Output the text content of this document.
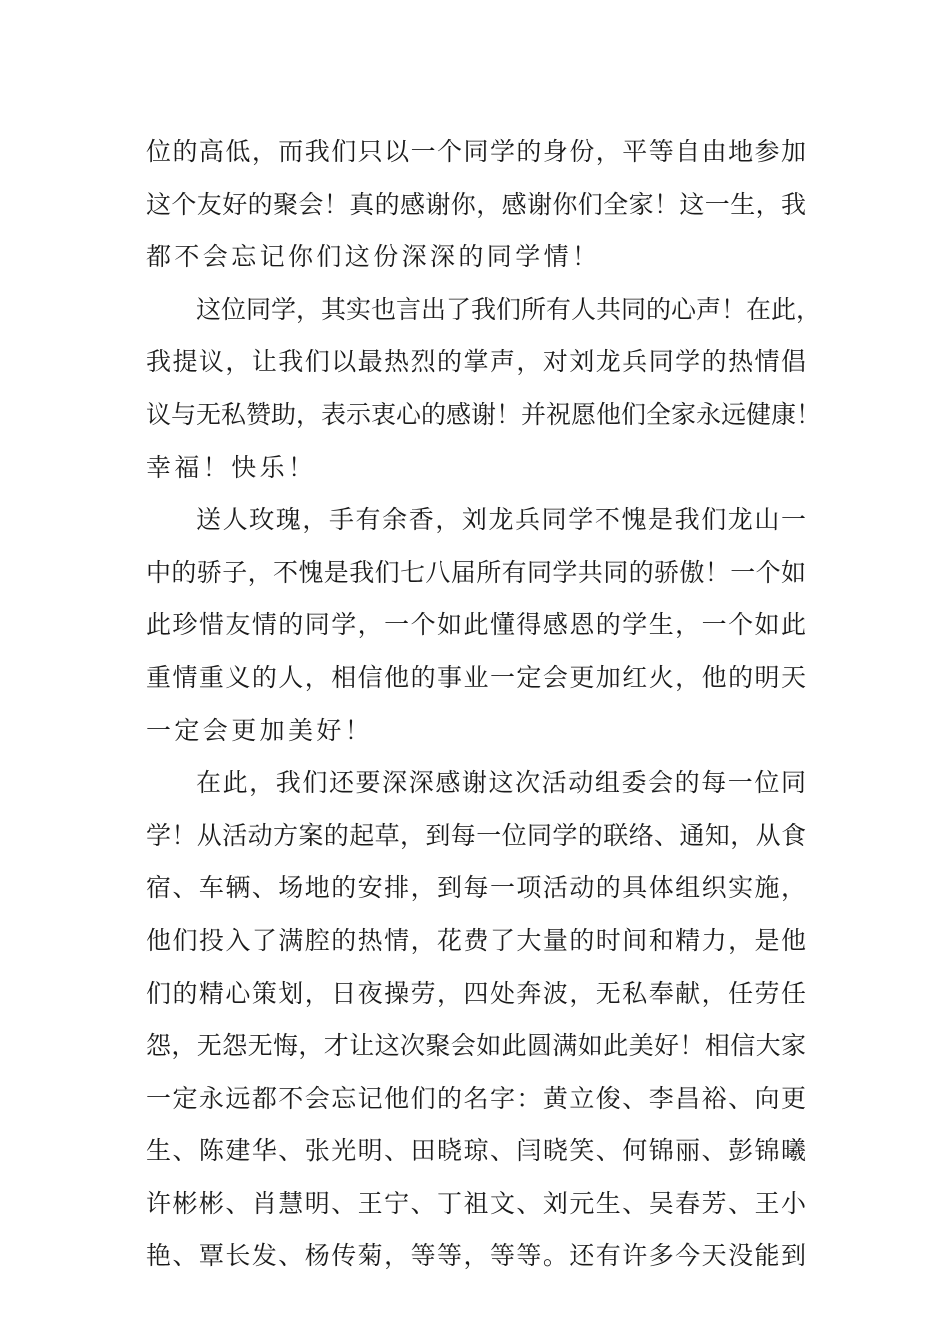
位的高低，而我们只以一个同学的身份，平等自由地参加
这个友好的聚会！真的感谢你，感谢你们全家！这一生，我
都不会忘记你们这份深深的同学情！
这位同学，其实也言出了我们所有人共同的心声！在此，
我提议，让我们以最热烈的掌声，对刘龙兵同学的热情倡
议与无私赞助，表示衷心的感谢！并祝愿他们全家永远健康！
幸福！快乐！
送人玫瑰，手有余香，刘龙兵同学不愧是我们龙山一
中的骄子，不愧是我们七八届所有同学共同的骄傲！一个如
此珍惜友情的同学，一个如此懂得感恩的学生，一个如此
重情重义的人，相信他的事业一定会更加红火，他的明天
一定会更加美好！
在此，我们还要深深感谢这次活动组委会的每一位同
学！从活动方案的起草，到每一位同学的联络、通知，从食
宿、车辆、场地的安排，到每一项活动的具体组织实施，
他们投入了满腔的热情，花费了大量的时间和精力，是他
们的精心策划，日夜操劳，四处奔波，无私奉献，任劳任
怨，无怨无悔，才让这次聚会如此圆满如此美好！相信大家
一定永远都不会忘记他们的名字：黄立俊、李昌裕、向更
生、陈建华、张光明、田晓琼、闫晓笑、何锦丽、彭锦曦
许彬彬、肖慧明、王宁、丁祖文、刘元生、吴春芳、王小
艳、覃长发、杨传菊，等等，等等。还有许多今天没能到
